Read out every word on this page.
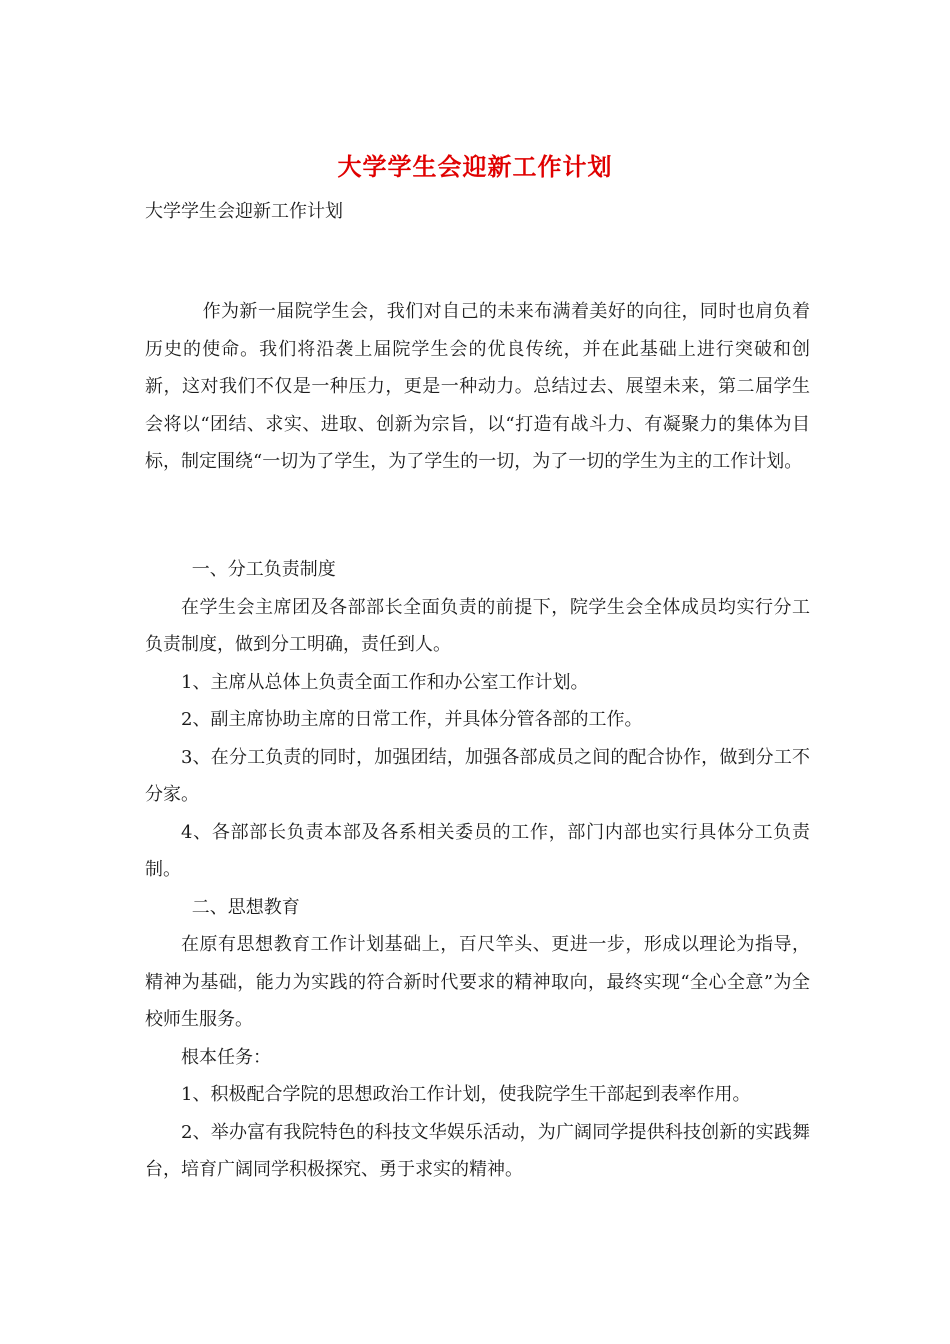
大学学生会迎新工作计划
大学学生会迎新工作计划

作为新一届院学生会，我们对自己的未来布满着美好的向往，同时也肩负着历史的使命。我们将沿袭上届院学生会的优良传统，并在此基础上进行突破和创新，这对我们不仅是一种压力，更是一种动力。总结过去、展望未来，第二届学生会将以“团结、求实、进取、创新为宗旨，以“打造有战斗力、有凝聚力的集体为目标，制定围绕“一切为了学生，为了学生的一切，为了一切的学生为主的工作计划。

一、分工负责制度

在学生会主席团及各部部长全面负责的前提下，院学生会全体成员均实行分工负责制度，做到分工明确，责任到人。

1、主席从总体上负责全面工作和办公室工作计划。

2、副主席协助主席的日常工作，并具体分管各部的工作。

3、在分工负责的同时，加强团结，加强各部成员之间的配合协作，做到分工不分家。

4、各部部长负责本部及各系相关委员的工作，部门内部也实行具体分工负责制。

二、思想教育

在原有思想教育工作计划基础上，百尺竿头、更进一步，形成以理论为指导，精神为基础，能力为实践的符合新时代要求的精神取向，最终实现“全心全意”为全校师生服务。

根本任务：

1、积极配合学院的思想政治工作计划，使我院学生干部起到表率作用。

2、举办富有我院特色的科技文华娱乐活动，为广阔同学提供科技创新的实践舞台，培育广阔同学积极探究、勇于求实的精神。
